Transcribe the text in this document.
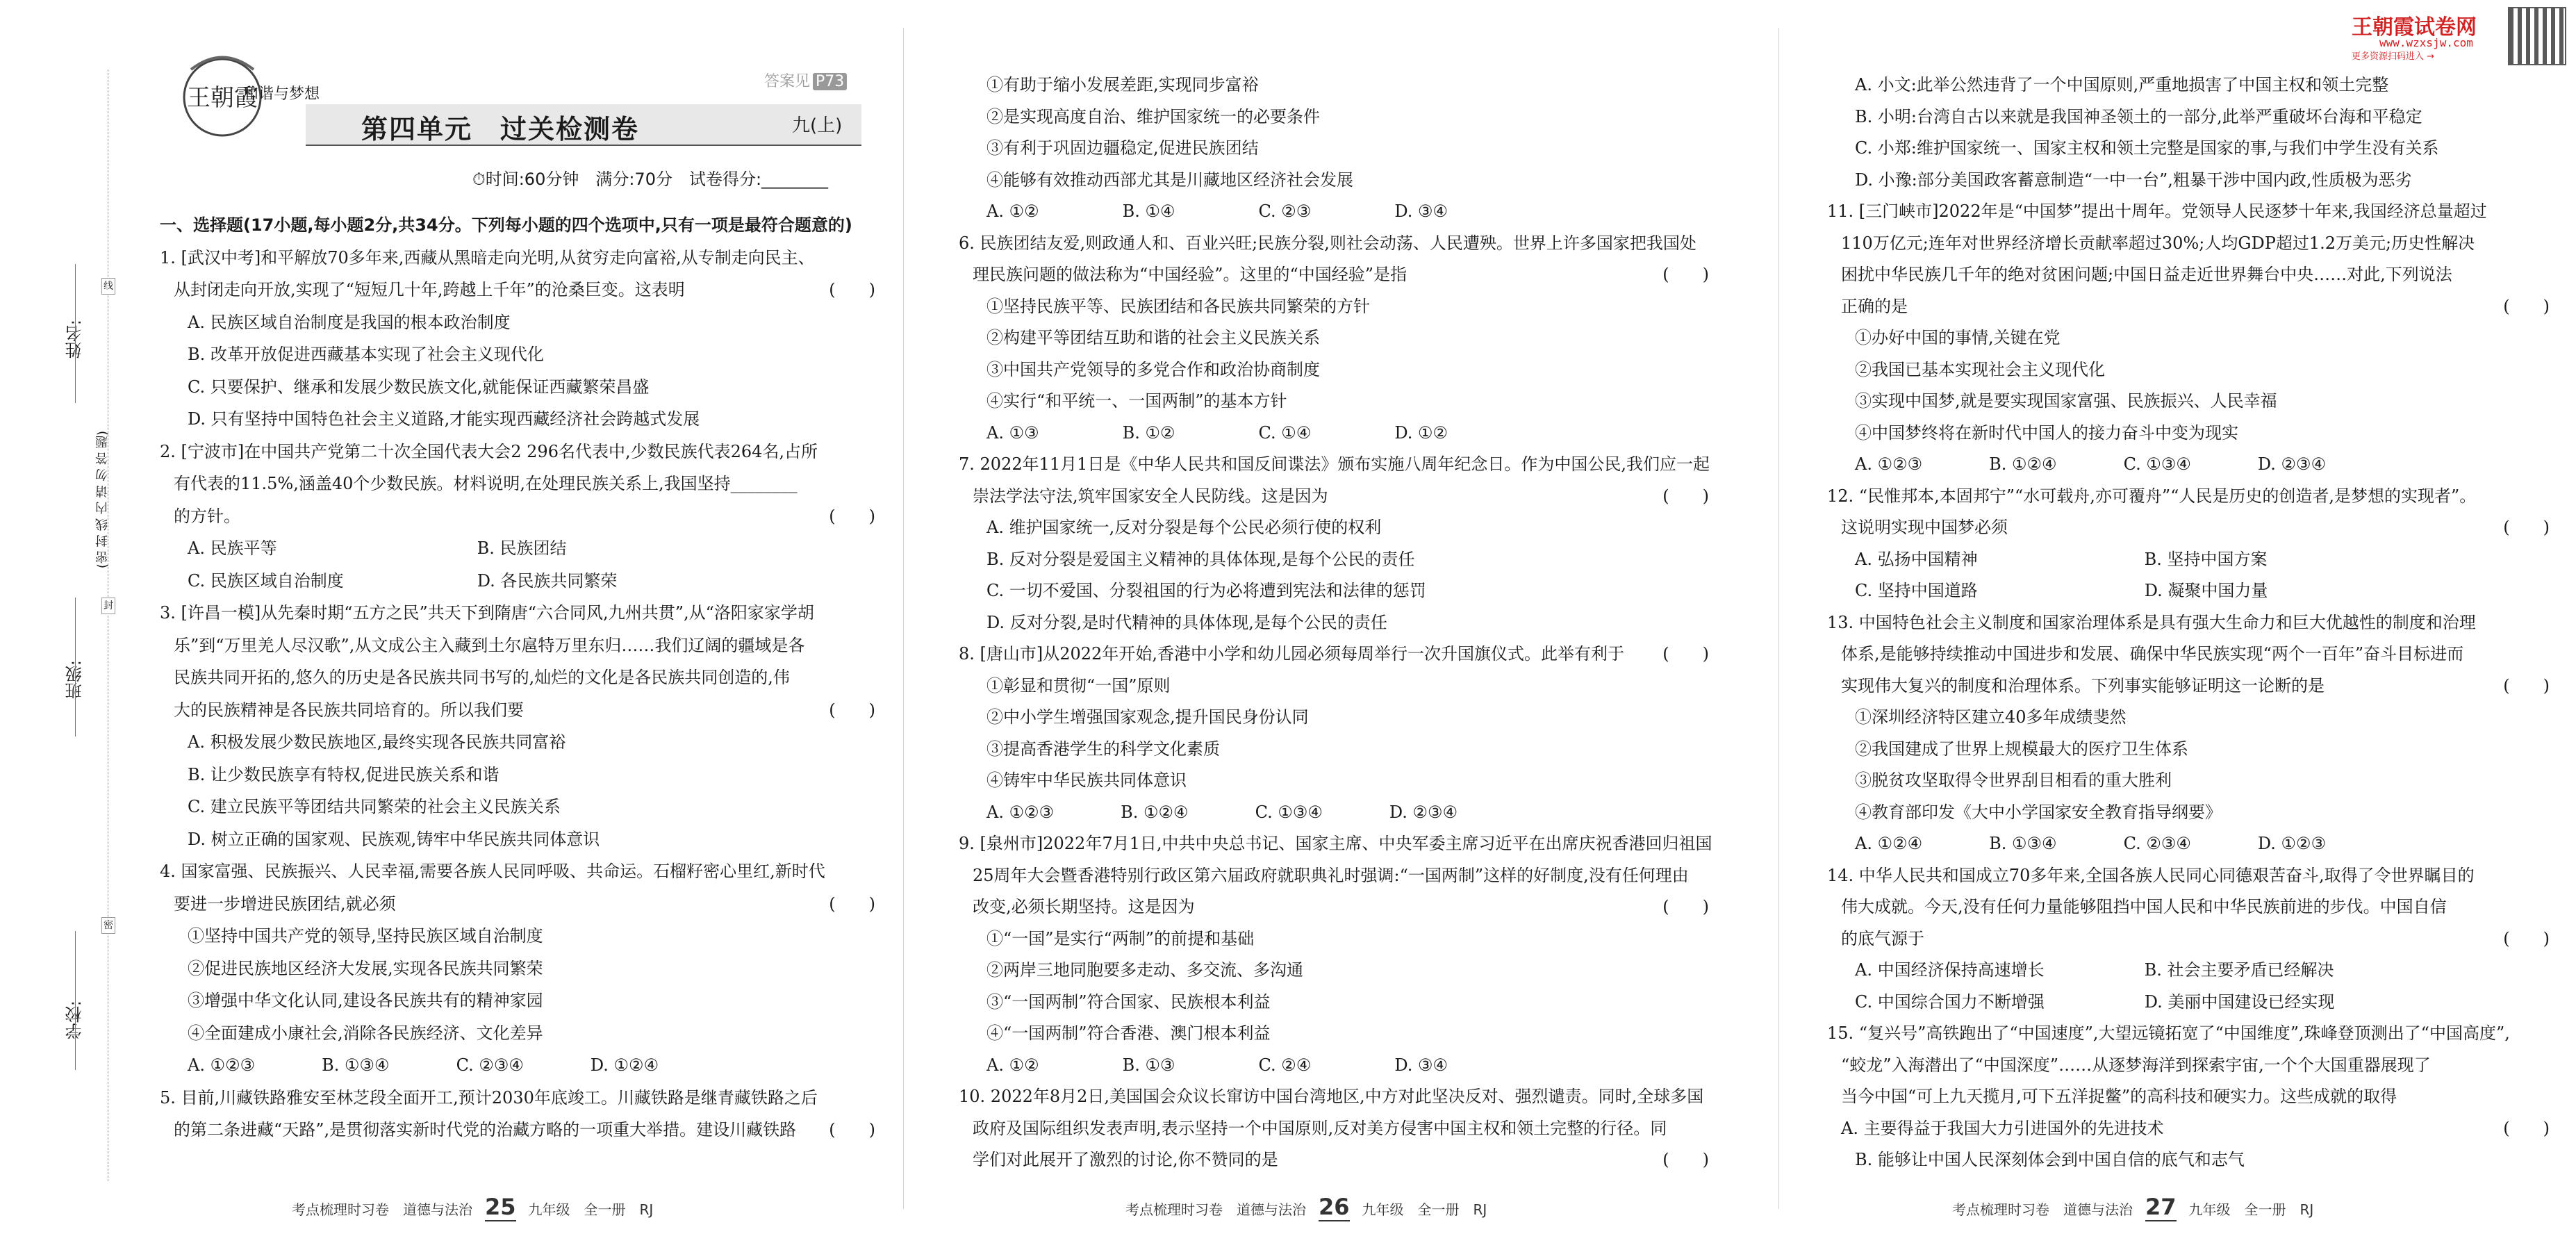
王朝霞试卷网
www.wzxsjw.com
更多资源扫码进入 →
线
封
密
姓名:
班级:
学校:
(密 封 线 内 请 勿 答 题)
王朝霞
和谐与梦想
答案见 P73
第四单元　过关检测卷	九(上)
⏱时间:60分钟　满分:70分　试卷得分:________
一、选择题(17小题,每小题2分,共34分。下列每小题的四个选项中,只有一项是最符合题意的)
1. [武汉中考]和平解放70多年来,西藏从黑暗走向光明,从贫穷走向富裕,从专制走向民主、
从封闭走向开放,实现了“短短几十年,跨越上千年”的沧桑巨变。这表明
A. 民族区域自治制度是我国的根本政治制度
B. 改革开放促进西藏基本实现了社会主义现代化
C. 只要保护、继承和发展少数民族文化,就能保证西藏繁荣昌盛
D. 只有坚持中国特色社会主义道路,才能实现西藏经济社会跨越式发展
2. [宁波市]在中国共产党第二十次全国代表大会2 296名代表中,少数民族代表264名,占所
有代表的11.5%,涵盖40个少数民族。材料说明,在处理民族关系上,我国坚持________
的方针。
A. 民族平等　　　　　　　　　　　　B. 民族团结
C. 民族区域自治制度　　　　　　　　D. 各民族共同繁荣
3. [许昌一模]从先秦时期“五方之民”共天下到隋唐“六合同风,九州共贯”,从“洛阳家家学胡
乐”到“万里羌人尽汉歌”,从文成公主入藏到土尔扈特万里东归……我们辽阔的疆域是各
民族共同开拓的,悠久的历史是各民族共同书写的,灿烂的文化是各民族共同创造的,伟
大的民族精神是各民族共同培育的。所以我们要
A. 积极发展少数民族地区,最终实现各民族共同富裕
B. 让少数民族享有特权,促进民族关系和谐
C. 建立民族平等团结共同繁荣的社会主义民族关系
D. 树立正确的国家观、民族观,铸牢中华民族共同体意识
4. 国家富强、民族振兴、人民幸福,需要各族人民同呼吸、共命运。石榴籽密心里红,新时代
要进一步增进民族团结,就必须
①坚持中国共产党的领导,坚持民族区域自治制度
②促进民族地区经济大发展,实现各民族共同繁荣
③增强中华文化认同,建设各民族共有的精神家园
④全面建成小康社会,消除各民族经济、文化差异
A. ①②③　　　　B. ①③④　　　　C. ②③④　　　　D. ①②④
5. 目前,川藏铁路雅安至林芝段全面开工,预计2030年底竣工。川藏铁路是继青藏铁路之后
的第二条进藏“天路”,是贯彻落实新时代党的治藏方略的一项重大举措。建设川藏铁路
(　　)
(　　)
(　　)
(　　)
(　　)
①有助于缩小发展差距,实现同步富裕
②是实现高度自治、维护国家统一的必要条件
③有利于巩固边疆稳定,促进民族团结
④能够有效推动西部尤其是川藏地区经济社会发展
A. ①②　　　　　B. ①④　　　　　C. ②③　　　　　D. ③④
6. 民族团结友爱,则政通人和、百业兴旺;民族分裂,则社会动荡、人民遭殃。世界上许多国家把我国处
理民族问题的做法称为“中国经验”。这里的“中国经验”是指
①坚持民族平等、民族团结和各民族共同繁荣的方针
②构建平等团结互助和谐的社会主义民族关系
③中国共产党领导的多党合作和政治协商制度
④实行“和平统一、一国两制”的基本方针
A. ①③　　　　　B. ①②　　　　　C. ①④　　　　　D. ①②
7. 2022年11月1日是《中华人民共和国反间谍法》颁布实施八周年纪念日。作为中国公民,我们应一起
崇法学法守法,筑牢国家安全人民防线。这是因为
A. 维护国家统一,反对分裂是每个公民必须行使的权利
B. 反对分裂是爱国主义精神的具体体现,是每个公民的责任
C. 一切不爱国、分裂祖国的行为必将遭到宪法和法律的惩罚
D. 反对分裂,是时代精神的具体体现,是每个公民的责任
8. [唐山市]从2022年开始,香港中小学和幼儿园必须每周举行一次升国旗仪式。此举有利于
①彰显和贯彻“一国”原则
②中小学生增强国家观念,提升国民身份认同
③提高香港学生的科学文化素质
④铸牢中华民族共同体意识
A. ①②③　　　　B. ①②④　　　　C. ①③④　　　　D. ②③④
9. [泉州市]2022年7月1日,中共中央总书记、国家主席、中央军委主席习近平在出席庆祝香港回归祖国
25周年大会暨香港特别行政区第六届政府就职典礼时强调:“一国两制”这样的好制度,没有任何理由
改变,必须长期坚持。这是因为
①“一国”是实行“两制”的前提和基础
②两岸三地同胞要多走动、多交流、多沟通
③“一国两制”符合国家、民族根本利益
④“一国两制”符合香港、澳门根本利益
A. ①②　　　　　B. ①③　　　　　C. ②④　　　　　D. ③④
10. 2022年8月2日,美国国会众议长窜访中国台湾地区,中方对此坚决反对、强烈谴责。同时,全球多国
政府及国际组织发表声明,表示坚持一个中国原则,反对美方侵害中国主权和领土完整的行径。同
学们对此展开了激烈的讨论,你不赞同的是
(　　)
(　　)
(　　)
(　　)
(　　)
A. 小文:此举公然违背了一个中国原则,严重地损害了中国主权和领土完整
B. 小明:台湾自古以来就是我国神圣领土的一部分,此举严重破坏台海和平稳定
C. 小郑:维护国家统一、国家主权和领土完整是国家的事,与我们中学生没有关系
D. 小豫:部分美国政客蓄意制造“一中一台”,粗暴干涉中国内政,性质极为恶劣
11. [三门峡市]2022年是“中国梦”提出十周年。党领导人民逐梦十年来,我国经济总量超过
110万亿元;连年对世界经济增长贡献率超过30%;人均GDP超过1.2万美元;历史性解决
困扰中华民族几千年的绝对贫困问题;中国日益走近世界舞台中央……对此,下列说法
正确的是
①办好中国的事情,关键在党
②我国已基本实现社会主义现代化
③实现中国梦,就是要实现国家富强、民族振兴、人民幸福
④中国梦终将在新时代中国人的接力奋斗中变为现实
A. ①②③　　　　B. ①②④　　　　C. ①③④　　　　D. ②③④
12. “民惟邦本,本固邦宁”“水可载舟,亦可覆舟”“人民是历史的创造者,是梦想的实现者”。
这说明实现中国梦必须
A. 弘扬中国精神　　　　　　　　　　B. 坚持中国方案
C. 坚持中国道路　　　　　　　　　　D. 凝聚中国力量
13. 中国特色社会主义制度和国家治理体系是具有强大生命力和巨大优越性的制度和治理
体系,是能够持续推动中国进步和发展、确保中华民族实现“两个一百年”奋斗目标进而
实现伟大复兴的制度和治理体系。下列事实能够证明这一论断的是
①深圳经济特区建立40多年成绩斐然
②我国建成了世界上规模最大的医疗卫生体系
③脱贫攻坚取得令世界刮目相看的重大胜利
④教育部印发《大中小学国家安全教育指导纲要》
A. ①②④　　　　B. ①③④　　　　C. ②③④　　　　D. ①②③
14. 中华人民共和国成立70多年来,全国各族人民同心同德艰苦奋斗,取得了令世界瞩目的
伟大成就。今天,没有任何力量能够阻挡中国人民和中华民族前进的步伐。中国自信
的底气源于
A. 中国经济保持高速增长　　　　　　B. 社会主要矛盾已经解决
C. 中国综合国力不断增强　　　　　　D. 美丽中国建设已经实现
15. “复兴号”高铁跑出了“中国速度”,大望远镜拓宽了“中国维度”,珠峰登顶测出了“中国高度”,
“蛟龙”入海潜出了“中国深度”……从逐梦海洋到探索宇宙,一个个大国重器展现了
当今中国“可上九天揽月,可下五洋捉鳖”的高科技和硬实力。这些成就的取得
A. 主要得益于我国大力引进国外的先进技术
B. 能够让中国人民深刻体会到中国自信的底气和志气
(　　)
(　　)
(　　)
(　　)
(　　)
考点梳理时习卷　道德与法治 25 九年级　全一册　RJ	考点梳理时习卷　道德与法治 26 九年级　全一册　RJ	考点梳理时习卷　道德与法治 27 九年级　全一册　RJ
